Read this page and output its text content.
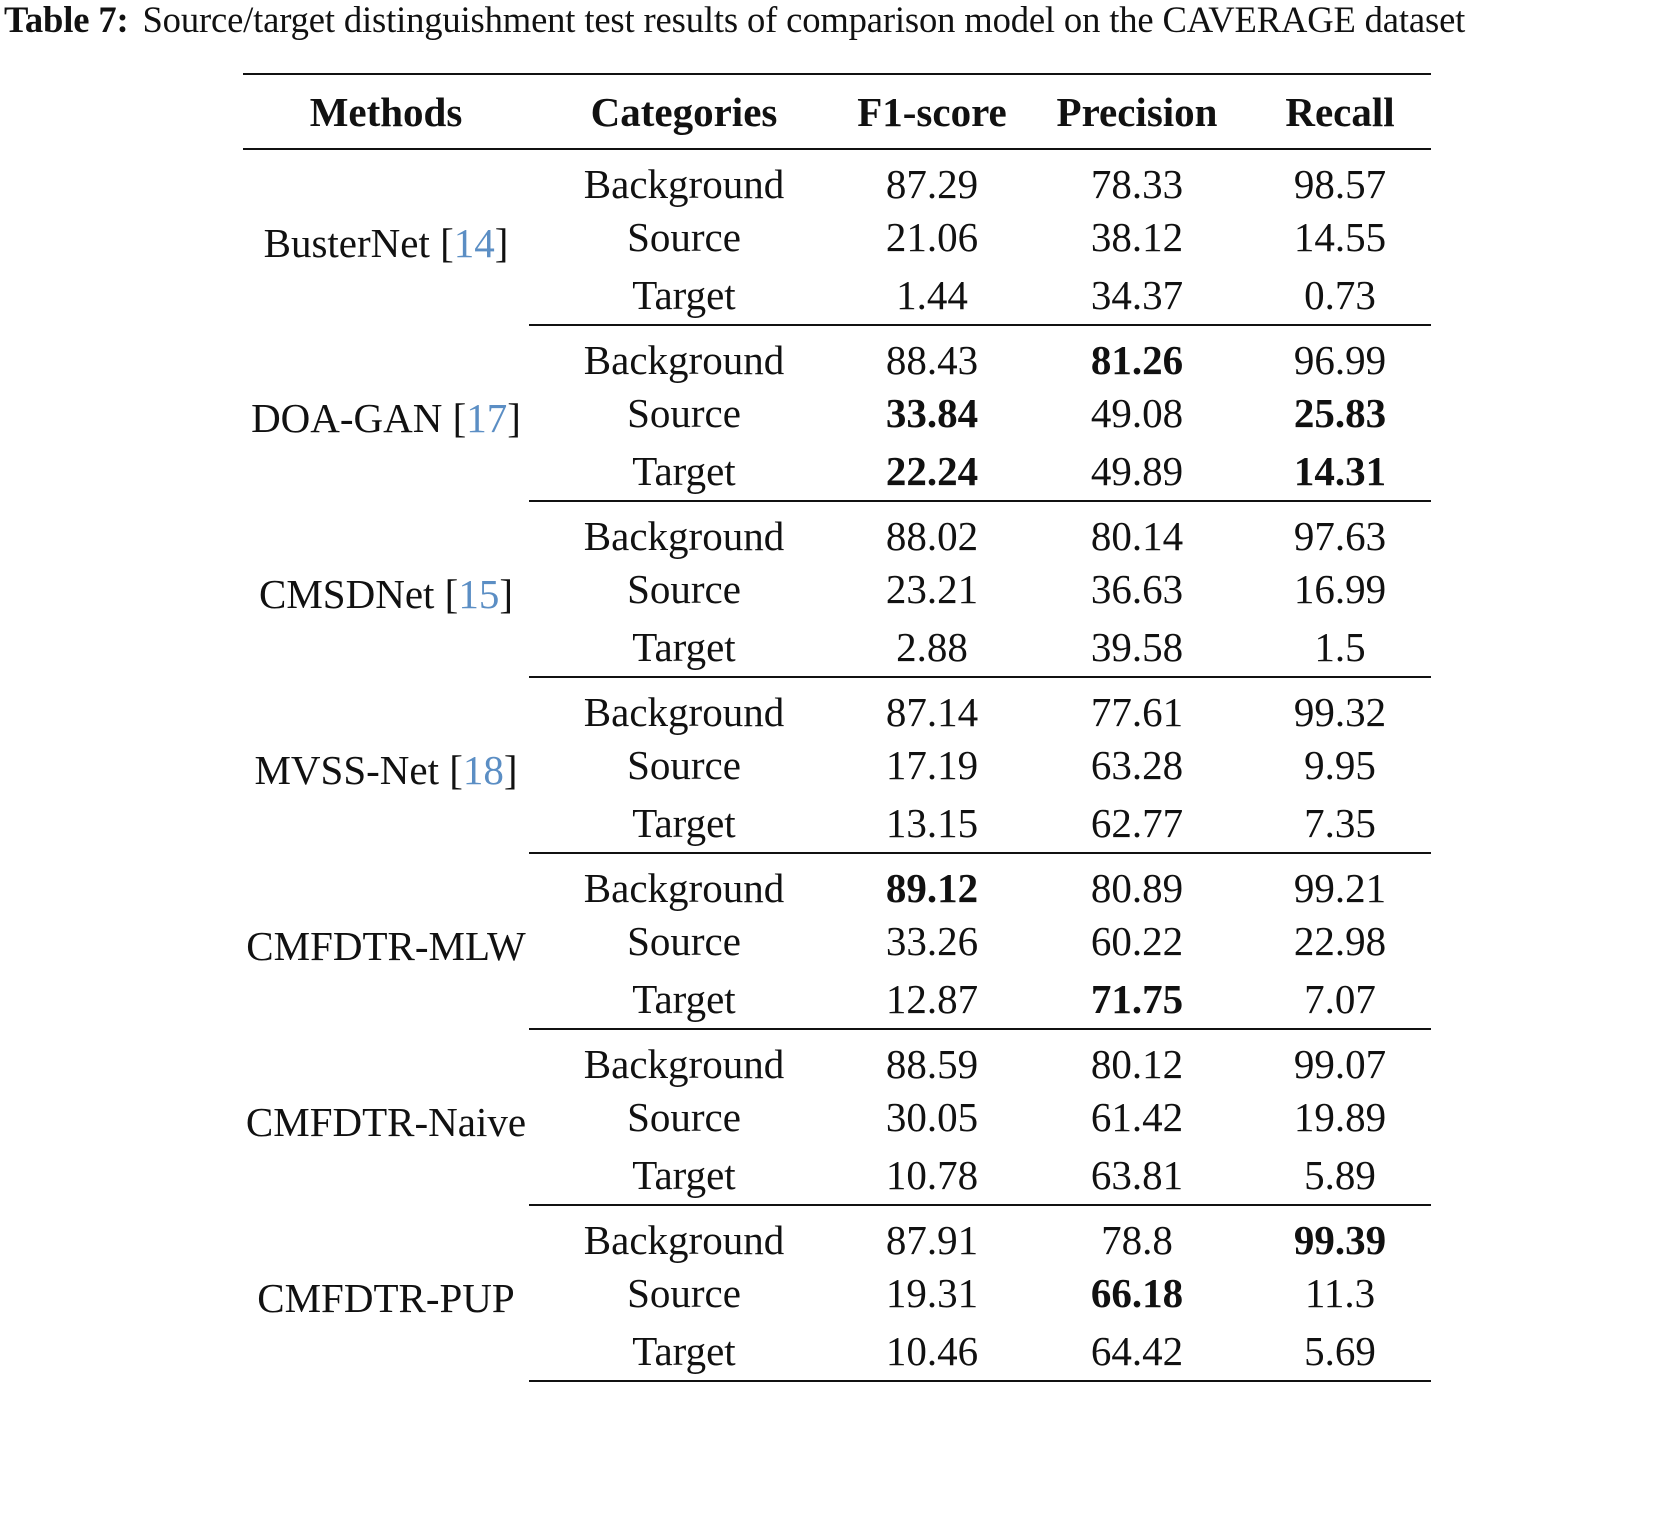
Table 7: Source/target distinguishment test results of comparison model on the CAVERAGE dataset
Methods	Categories	F1-score	Precision	Recall
BusterNet [14]	Background	87.29	78.33	98.57
	Source	21.06	38.12	14.55
	Target	1.44	34.37	0.73
DOA-GAN [17]	Background	88.43	81.26	96.99
	Source	33.84	49.08	25.83
	Target	22.24	49.89	14.31
CMSDNet [15]	Background	88.02	80.14	97.63
	Source	23.21	36.63	16.99
	Target	2.88	39.58	1.5
MVSS-Net [18]	Background	87.14	77.61	99.32
	Source	17.19	63.28	9.95
	Target	13.15	62.77	7.35
CMFDTR-MLW	Background	89.12	80.89	99.21
	Source	33.26	60.22	22.98
	Target	12.87	71.75	7.07
CMFDTR-Naive	Background	88.59	80.12	99.07
	Source	30.05	61.42	19.89
	Target	10.78	63.81	5.89
CMFDTR-PUP	Background	87.91	78.8	99.39
	Source	19.31	66.18	11.3
	Target	10.46	64.42	5.69
